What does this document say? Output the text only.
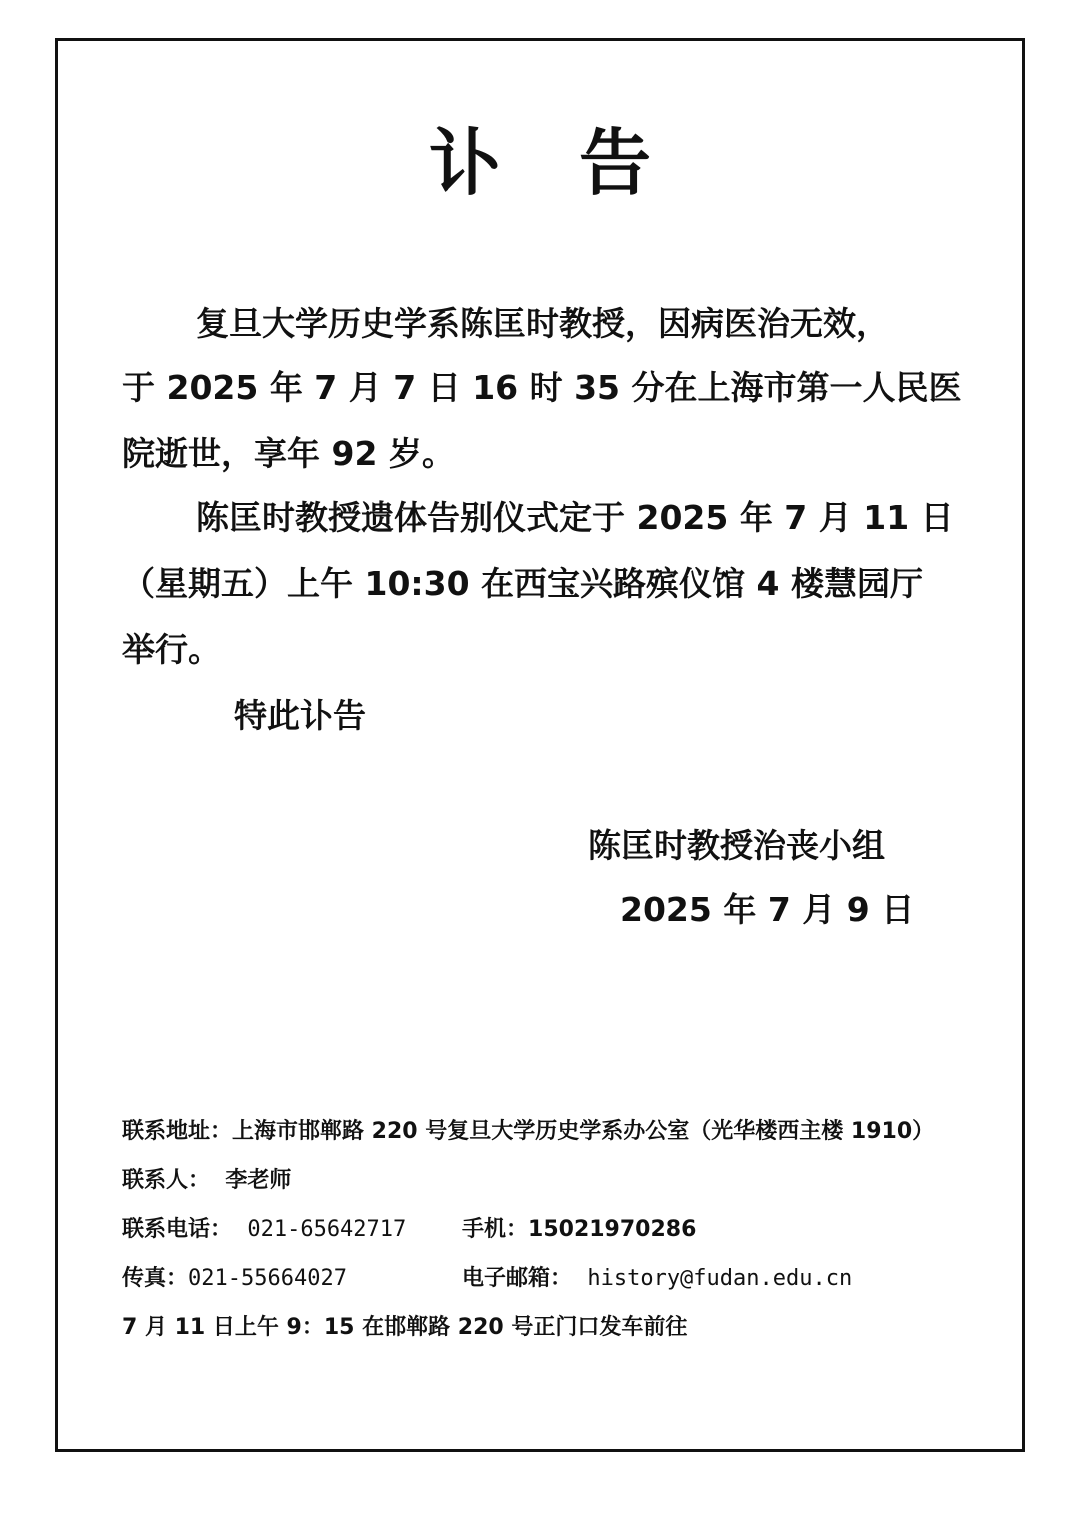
讣 告
复旦大学历史学系陈匡时教授，因病医治无效，
于 2025 年 7 月 7 日 16 时 35 分在上海市第一人民医
院逝世，享年 92 岁。
陈匡时教授遗体告别仪式定于 2025 年 7 月 11 日
（星期五）上午 10:30 在西宝兴路殡仪馆 4 楼慧园厅
举行。
特此讣告
陈匡时教授治丧小组
2025 年 7 月 9 日
联系地址：上海市邯郸路 220 号复旦大学历史学系办公室（光华楼西主楼 1910）
联系人： 李老师
联系电话： 021-65642717	手机：15021970286
传真：021-55664027	电子邮箱： history@fudan.edu.cn
7 月 11 日上午 9：15 在邯郸路 220 号正门口发车前往
